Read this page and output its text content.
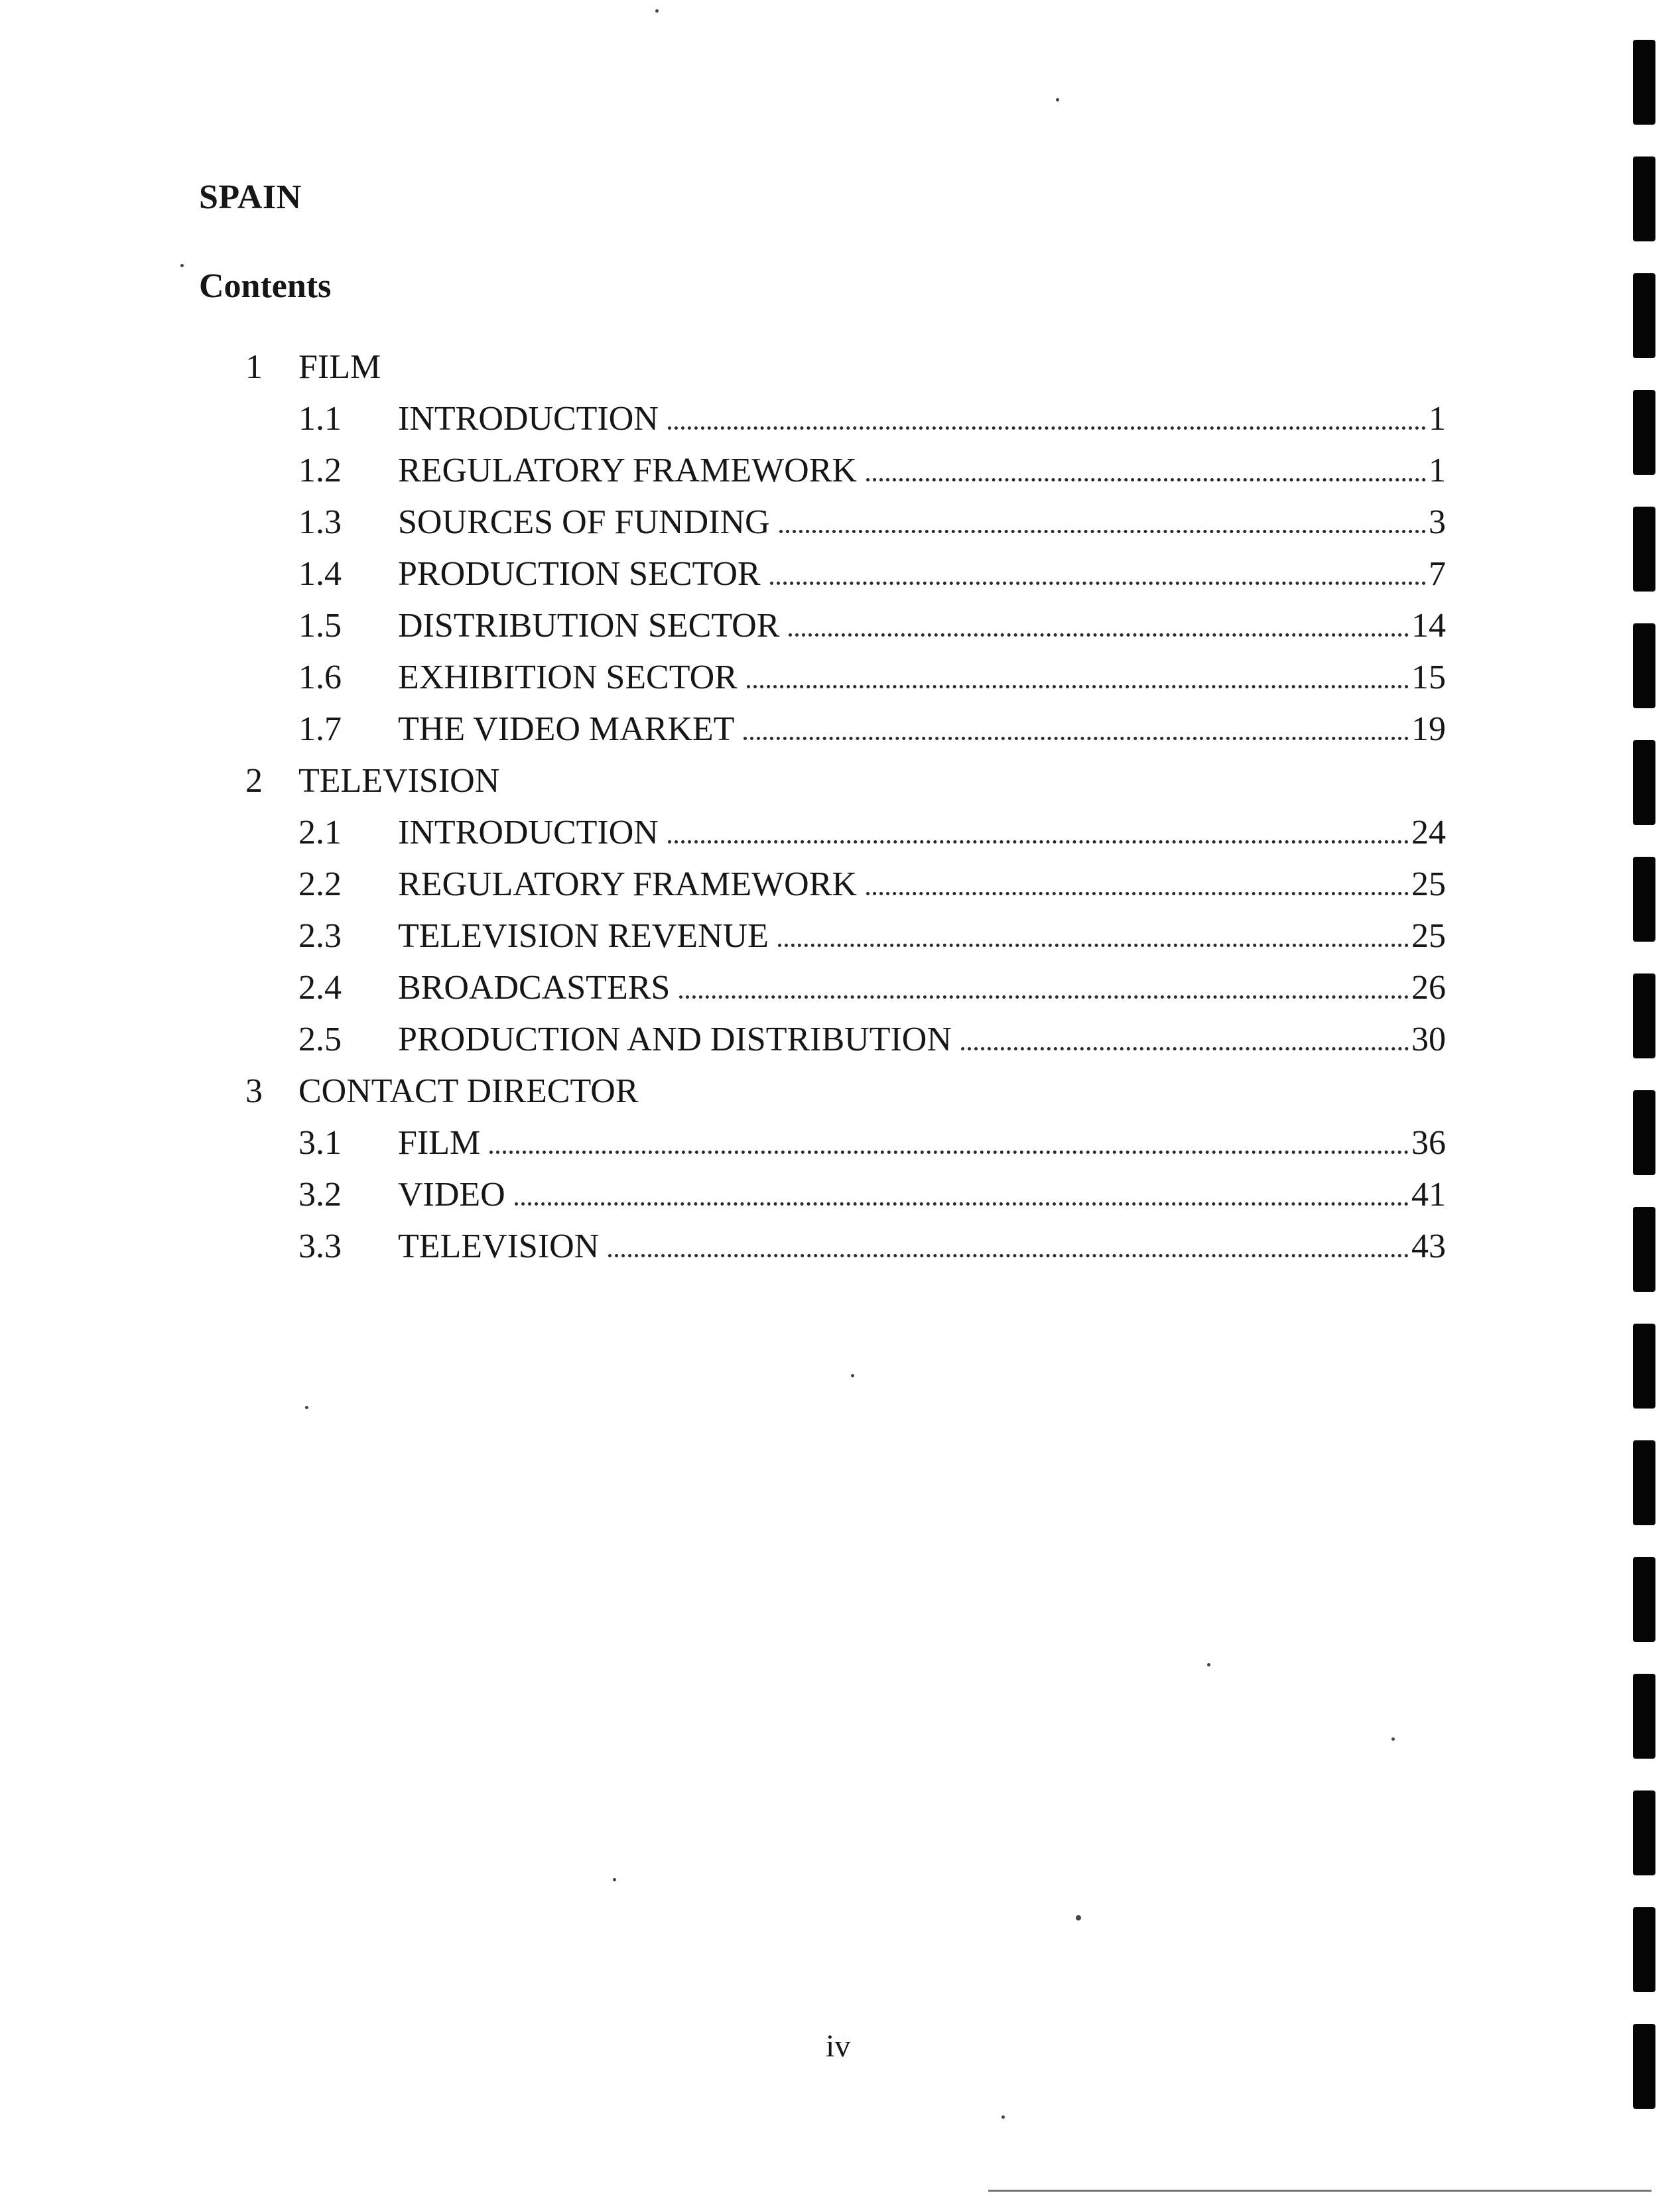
SPAIN
Contents
1 FILM
1.1	INTRODUCTION	1
1.2	REGULATORY FRAMEWORK	1
1.3	SOURCES OF FUNDING	3
1.4	PRODUCTION SECTOR	7
1.5	DISTRIBUTION SECTOR	14
1.6	EXHIBITION SECTOR	15
1.7	THE VIDEO MARKET	19
2 TELEVISION
2.1	INTRODUCTION	24
2.2	REGULATORY FRAMEWORK	25
2.3	TELEVISION REVENUE	25
2.4	BROADCASTERS	26
2.5	PRODUCTION AND DISTRIBUTION	30
3 CONTACT DIRECTOR
3.1	FILM	36
3.2	VIDEO	41
3.3	TELEVISION	43
iv
